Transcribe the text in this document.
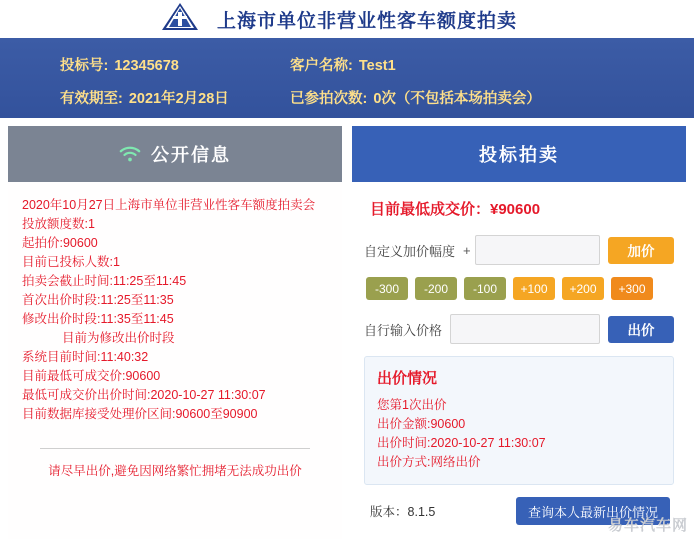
上海市单位非营业性客车额度拍卖
投标号: 12345678	客户名称: Test1
有效期至: 2021年2月28日	已参拍次数: 0次（不包括本场拍卖会）
公开信息
2020年10月27日上海市单位非营业性客车额度拍卖会
投放额度数:1
起拍价:90600
目前已投标人数:1
拍卖会截止时间:11:25至11:45
首次出价时段:11:25至11:35
修改出价时段:11:35至11:45
目前为修改出价时段
系统目前时间:11:40:32
目前最低可成交价:90600
最低可成交价出价时间:2020-10-27 11:30:07
目前数据库接受处理价区间:90600至90900
请尽早出价,避免因网络繁忙拥堵无法成功出价
投标拍卖
目前最低成交价：¥90600
自定义加价幅度 +	加价
-300	-200	-100	+100	+200	+300
自行输入价格	出价
出价情况
您第1次出价
出价金额:90600
出价时间:2020-10-27 11:30:07
出价方式:网络出价
版本：8.1.5	查询本人最新出价情况
易车汽车网
